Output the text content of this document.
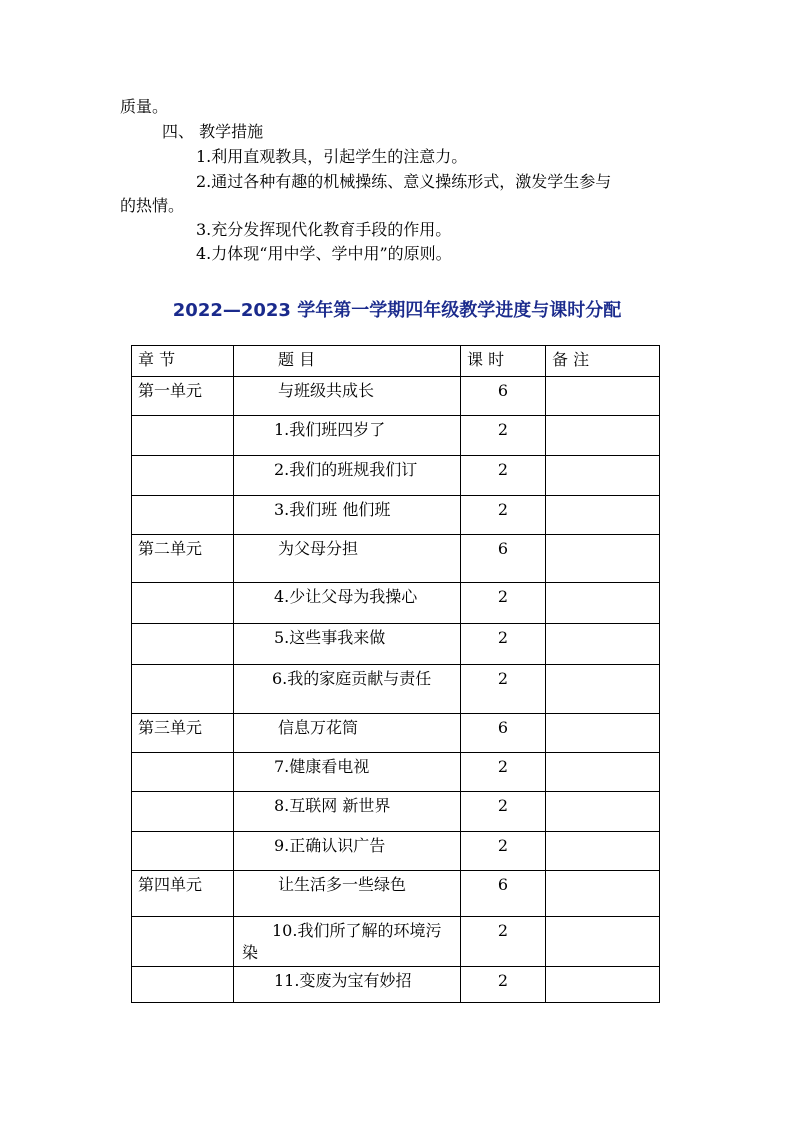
质量。
四、 教学措施
1.利用直观教具，引起学生的注意力。
2.通过各种有趣的机械操练、意义操练形式，激发学生参与
的热情。
3.充分发挥现代化教育手段的作用。
4.力体现“用中学、学中用”的原则。
2022—2023 学年第一学期四年级教学进度与课时分配
章 节	题 目	课 时	备 注
第一单元	与班级共成长	6	
	1.我们班四岁了	2	
	2.我们的班规我们订	2	
	3.我们班 他们班	2	
第二单元	为父母分担	6	
	4.少让父母为我操心	2	
	5.这些事我来做	2	
	6.我的家庭贡献与责任	2	
第三单元	信息万花筒	6	
	7.健康看电视	2	
	8.互联网 新世界	2	
	9.正确认识广告	2	
第四单元	让生活多一些绿色	6	
	10.我们所了解的环境污染	2	
	11.变废为宝有妙招	2	
